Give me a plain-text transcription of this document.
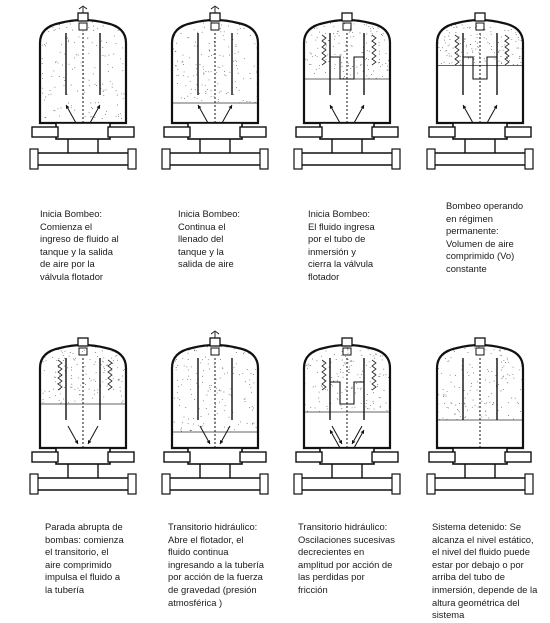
Inicia Bombeo:
Comienza el
ingreso de fluido al
tanque y la salida
de aire por la
válvula flotador
Inicia Bombeo:
Continua el
llenado del
tanque y la
salida de aire
Inicia Bombeo:
El fluido ingresa
por el tubo de
inmersión y
cierra la válvula
flotador
Bombeo operando
en régimen
permanente:
Volumen de aire
comprimido (Vo)
constante
Parada abrupta de
bombas: comienza
el transitorio, el
aire comprimido
impulsa el fluido a
la tubería
Transitorio hidráulico:
Abre el flotador, el
fluido continua
ingresando a la tubería
por acción de la fuerza
de gravedad (presión
atmosférica )
Transitorio hidráulico:
Oscilaciones sucesivas
decrecientes en
amplitud por acción de
las perdidas por
fricción
Sistema detenido: Se
alcanza el nivel estático,
el nivel del fluido puede
estar por debajo o por
arriba del tubo de
inmersión, depende de la
altura geométrica del
sistema
